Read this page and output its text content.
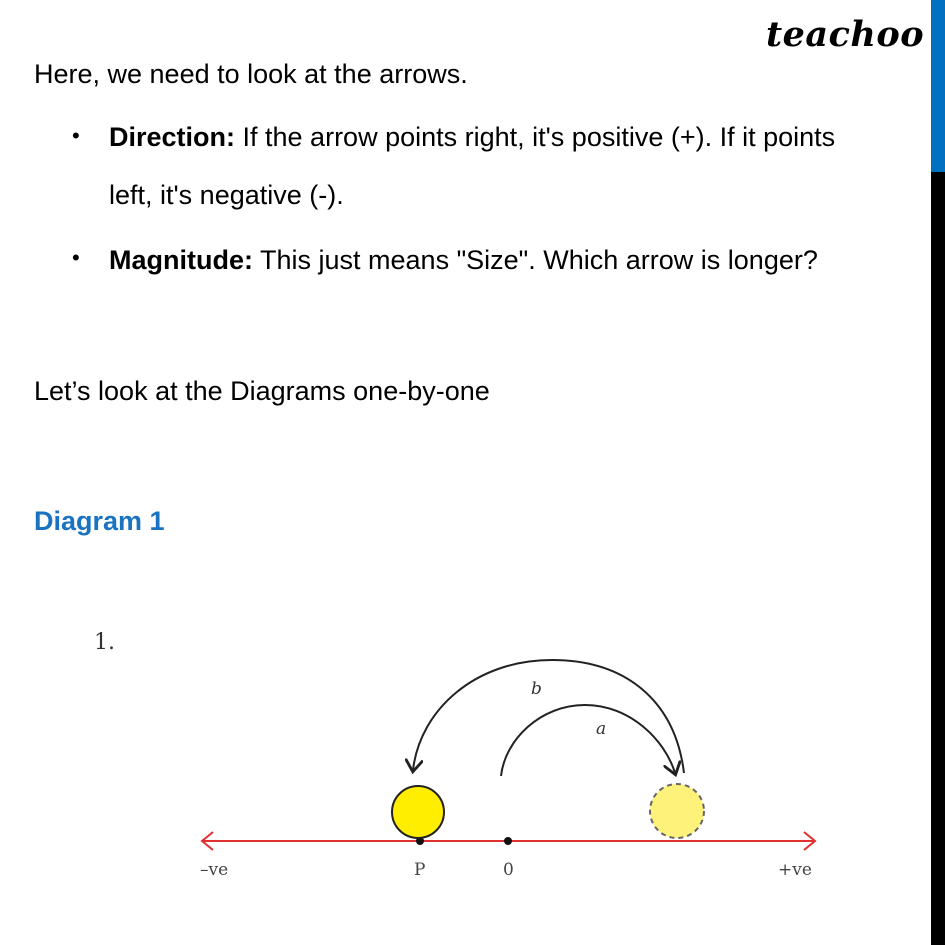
teachoo
Here, we need to look at the arrows.
• Direction: If the arrow points right, it's positive (+). If it points
left, it's negative (-).
• Magnitude: This just means "Size". Which arrow is longer?
Let’s look at the Diagrams one-by-one
Diagram 1
1.
b
a
–ve	P	0	+ve
